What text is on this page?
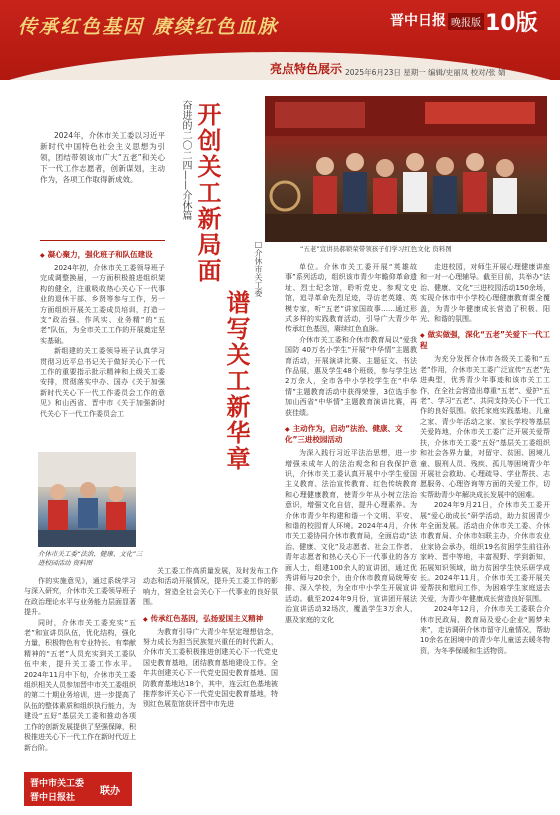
传承红色基因 赓续红色血脉	晋中日报 晚报版 10版
亮点特色展示 2025年6月23日 星期一 编辑/史丽凤 校对/张 婧

2024年，介休市关工委以习近平新时代中国特色社会主义思想为引领，团结带领该市广大“五老”和关心下一代工作志愿者，创新谋划，主动作为，各项工作取得新成效。	奋进的二〇二四——介休篇 开创关工新局面
谱写关工新华章
□介休市关工委	“五老”宣讲员郝锁荣带领孩子们学习红色文化 资料图
◆ 凝心聚力，强化班子和队伍建设

2024年初，介休市关工委领导班子完成调整换届，一方面积极推进组织架构的健全，注重吸收热心关心下一代事业的退休干部、乡贤等参与工作，另一方面组织开展关工委成员培训，打造一支“政治强、作风实、业务精”的“五老”队伍，为全市关工工作的开展奠定坚实基础。

新组建的关工委领导班子认真学习贯彻习近平总书记关于做好关心下一代工作的重要指示批示精神和上级关工委安排，贯彻落实中办、国办《关于加强新时代关心下一代工作委员会工作的意见》和山西省、晋中市《关于加强新时代关心下一代工作委员会工

介休市关工委“法治、健康、文化”三进校园活动 资料图

作的实施意见》，通过系统学习与深入研究，介休市关工委领导班子在政治理论水平与业务能力层面显著提升。

同时，介休市关工委充实“五老”和宣讲员队伍，优化结构，强化力量，积极物色有专业特长、有奉献精神的“五老”人员充实到关工委队伍中来，提升关工委工作水平。2024年11月中下旬，介休市关工委组织相关人员参加晋中市关工委组织的第二十期业务培训，进一步提高了队伍的整体素质和组织执行能力，为建设“五好”基层关工委和推动各项工作的创新发展提供了坚强保障，积极推进关心下一代工作在新时代迈上新台阶。

关工委工作高质量发展，及时发布工作动态和活动开展情况，提升关工委工作的影响力，营造全社会关心下一代事业的良好氛围。

◆ 传承红色基因，弘扬爱国主义精神

为教育引导广大青少年坚定理想信念，努力成长为担当民族复兴重任的时代新人，介休市关工委积极推进创建关心下一代党史国史教育基地，团结教育基地建设工作。全年共创建关心下一代党史国史教育基地、国防教育基地达18个，其中，连云红色基地被推荐参评关心下一代党史国史教育基地，特别红色展览馆获评晋中市先进

单位。介休市关工委开展“英雄故事”系列活动，组织该市青少年瞻仰革命遗址、烈士纪念馆，聆听党史、参观文史馆，追寻革命先烈足迹，寻访老英雄、英模专家，听“五老”讲家国故事……通过形式多样的实践教育活动，引导广大青少年传承红色基因，赓续红色血脉。

介休市关工委和介休市教育局以“爱我国防 40万名小学生”开展“中华情”主题教育活动，开展演讲比赛、主题征文、书法作品展，惠及学生48个班级，参与学生达2万余人，全市各中小学校学生在“中华情”主题教育活动中获得荣誉，3位选手参加山西省“中华情”主题教育演讲比赛，再获佳绩。

◆ 主动作为，启动“法治、健康、文化”三进校园活动

为深入践行习近平法治思想，进一步增强未成年人的法治观念和自我保护意识，介休市关工委认真开展中小学生爱国主义教育、法治宣传教育、红色传统教育和心理健康教育，使青少年从小树立法治意识，增强文化自信，提升心理素养。为介休市青少年构建和谐一个文明、平安、和谐的校园育人环境。2024年4月，介休市关工委协同介休市教育局，全面启动“法治、健康、文化”及志愿者、社会工作者、青年志愿者和热心关心下一代事业的各方面人士，组建100余人的宣讲团，通过优秀讲师与20余个，由介休市教育局统筹安排、深入学校，为全市中小学生开展宣讲活动。截至2024年9月份，宣讲团开展法治宣讲活动32场次，覆盖学生3万余人，惠及家庭的文化

走进校园，对师生开展心理健康讲座和一对一心理辅导。截至目前，共举办“法治、健康、文化”三进校园活动150余场，实现介休市中小学校心理健康教育课全覆盖，为青少年健康成长营造了积极、阳光、和谐的氛围。

◆ 做实做强，深化“五老”关爱下一代工程

为充分发挥介休市各级关工委和“五老”作用，介休市关工委广泛宣传“五老”先进典型，优秀青少年事迹和该市关工工作，在全社会营造出尊重“五老”、爱护“五老”、学习“五老”、共同支持关心下一代工作的良好氛围。依托家庭实践基地、儿童之家、青少年活动之家、家长学校等基层关爱阵地，介休市关工委广泛开展关爱帮扶，介休市关工委“五好”基层关工委组织和社会各界力量，对留守、贫困、困境儿童、服刑人员、残疾、孤儿等困境青少年开展社会救助、心理疏导、学业帮扶、志愿服务、心理咨询等方面的关爱工作，切实帮助青少年解决成长发展中的困难。

2024年9月21日，介休市关工委开展“爱心助成长”研学活动，助力贫困青少年全面发展。活动由介休市关工委、介休市教育局、介休市妇联主办，介休市农业业家协会承办，组织19名贫困学生前往孙家岭、晋中等地，丰富视野、学到新知，拓展知识领域，助力贫困学生快乐研学成长。2024年11月，介休市关工委开展关爱帮扶和慰问工作，为困难学生家庭送去关爱，为青少年健康成长营造良好氛围。

2024年12月，介休市关工委联合介休市民政局、教育局及爱心企业“圆梦未来”，走访调研介休市留守儿童情况，帮助10余名在困境中的青少年儿童送去暖冬物资，为冬季保暖和生活物资。

晋中市关工委
晋中日报社
联办
